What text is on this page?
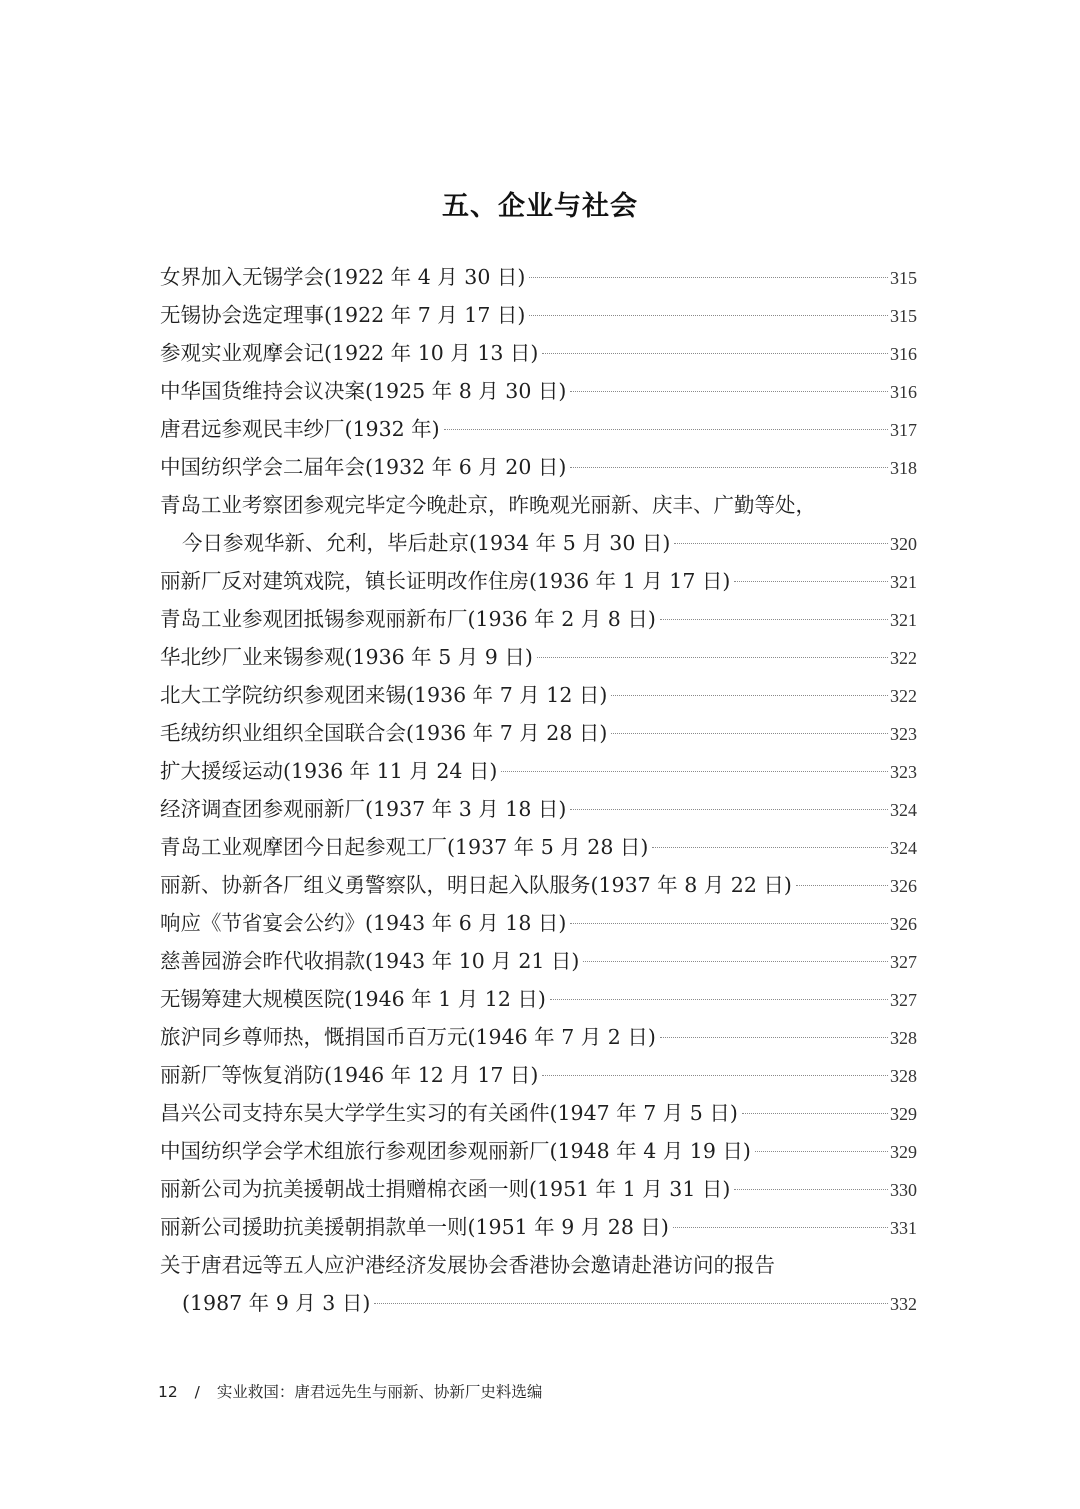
五、企业与社会
女界加入无锡学会(1922 年 4 月 30 日)	315
无锡协会选定理事(1922 年 7 月 17 日)	315
参观实业观摩会记(1922 年 10 月 13 日)	316
中华国货维持会议决案(1925 年 8 月 30 日)	316
唐君远参观民丰纱厂(1932 年)	317
中国纺织学会二届年会(1932 年 6 月 20 日)	318
青岛工业考察团参观完毕定今晚赴京，昨晚观光丽新、庆丰、广勤等处，
今日参观华新、允利，毕后赴京(1934 年 5 月 30 日)	320
丽新厂反对建筑戏院，镇长证明改作住房(1936 年 1 月 17 日)	321
青岛工业参观团抵锡参观丽新布厂(1936 年 2 月 8 日)	321
华北纱厂业来锡参观(1936 年 5 月 9 日)	322
北大工学院纺织参观团来锡(1936 年 7 月 12 日)	322
毛绒纺织业组织全国联合会(1936 年 7 月 28 日)	323
扩大援绥运动(1936 年 11 月 24 日)	323
经济调查团参观丽新厂(1937 年 3 月 18 日)	324
青岛工业观摩团今日起参观工厂(1937 年 5 月 28 日)	324
丽新、协新各厂组义勇警察队，明日起入队服务(1937 年 8 月 22 日)	326
响应《节省宴会公约》(1943 年 6 月 18 日)	326
慈善园游会昨代收捐款(1943 年 10 月 21 日)	327
无锡筹建大规模医院(1946 年 1 月 12 日)	327
旅沪同乡尊师热，慨捐国币百万元(1946 年 7 月 2 日)	328
丽新厂等恢复消防(1946 年 12 月 17 日)	328
昌兴公司支持东吴大学学生实习的有关函件(1947 年 7 月 5 日)	329
中国纺织学会学术组旅行参观团参观丽新厂(1948 年 4 月 19 日)	329
丽新公司为抗美援朝战士捐赠棉衣函一则(1951 年 1 月 31 日)	330
丽新公司援助抗美援朝捐款单一则(1951 年 9 月 28 日)	331
关于唐君远等五人应沪港经济发展协会香港协会邀请赴港访问的报告
(1987 年 9 月 3 日)	332
12 / 实业救国：唐君远先生与丽新、协新厂史料选编
